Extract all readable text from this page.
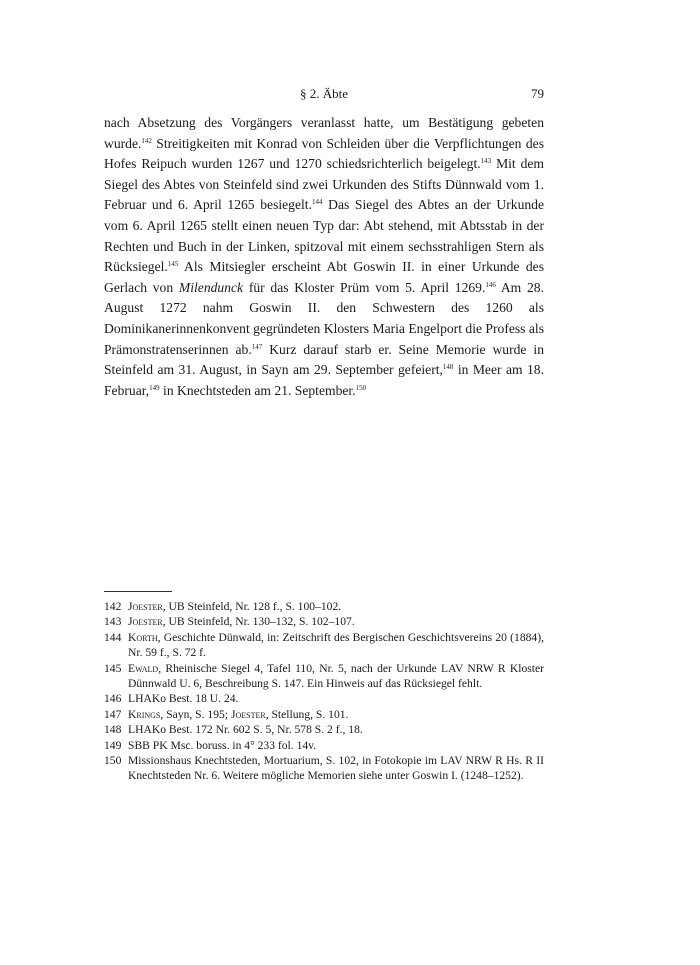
§ 2. Äbte	79
nach Absetzung des Vorgängers veranlasst hatte, um Bestätigung gebeten wurde.$^{142}$ Streitigkeiten mit Konrad von Schleiden über die Verpflichtungen des Hofes Reipuch wurden 1267 und 1270 schiedsrichterlich beigelegt.$^{143}$ Mit dem Siegel des Abtes von Steinfeld sind zwei Urkunden des Stifts Dünnwald vom 1. Februar und 6. April 1265 besiegelt.$^{144}$ Das Siegel des Abtes an der Urkunde vom 6. April 1265 stellt einen neuen Typ dar: Abt stehend, mit Abtsstab in der Rechten und Buch in der Linken, spitzoval mit einem sechsstrahligen Stern als Rücksiegel.$^{145}$ Als Mitsiegler erscheint Abt Goswin II. in einer Urkunde des Gerlach von Milendunck für das Kloster Prüm vom 5. April 1269.$^{146}$ Am 28. August 1272 nahm Goswin II. den Schwestern des 1260 als Dominikanerinnenkonvent gegründeten Klosters Maria Engelport die Profess als Prämonstratenserinnen ab.$^{147}$ Kurz darauf starb er. Seine Memorie wurde in Steinfeld am 31. August, in Sayn am 29. September gefeiert,$^{148}$ in Meer am 18. Februar,$^{149}$ in Knechtsteden am 21. September.$^{150}$
142 Joester, UB Steinfeld, Nr. 128 f., S. 100–102.
143 Joester, UB Steinfeld, Nr. 130–132, S. 102–107.
144 Korth, Geschichte Dünwald, in: Zeitschrift des Bergischen Geschichtsvereins 20 (1884), Nr. 59 f., S. 72 f.
145 Ewald, Rheinische Siegel 4, Tafel 110, Nr. 5, nach der Urkunde LAV NRW R Kloster Dünnwald U. 6, Beschreibung S. 147. Ein Hinweis auf das Rücksiegel fehlt.
146 LHAKo Best. 18 U. 24.
147 Krings, Sayn, S. 195; Joester, Stellung, S. 101.
148 LHAKo Best. 172 Nr. 602 S. 5, Nr. 578 S. 2 f., 18.
149 SBB PK Msc. boruss. in 4° 233 fol. 14v.
150 Missionshaus Knechtsteden, Mortuarium, S. 102, in Fotokopie im LAV NRW R Hs. R II Knechtsteden Nr. 6. Weitere mögliche Memorien siehe unter Goswin I. (1248–1252).
